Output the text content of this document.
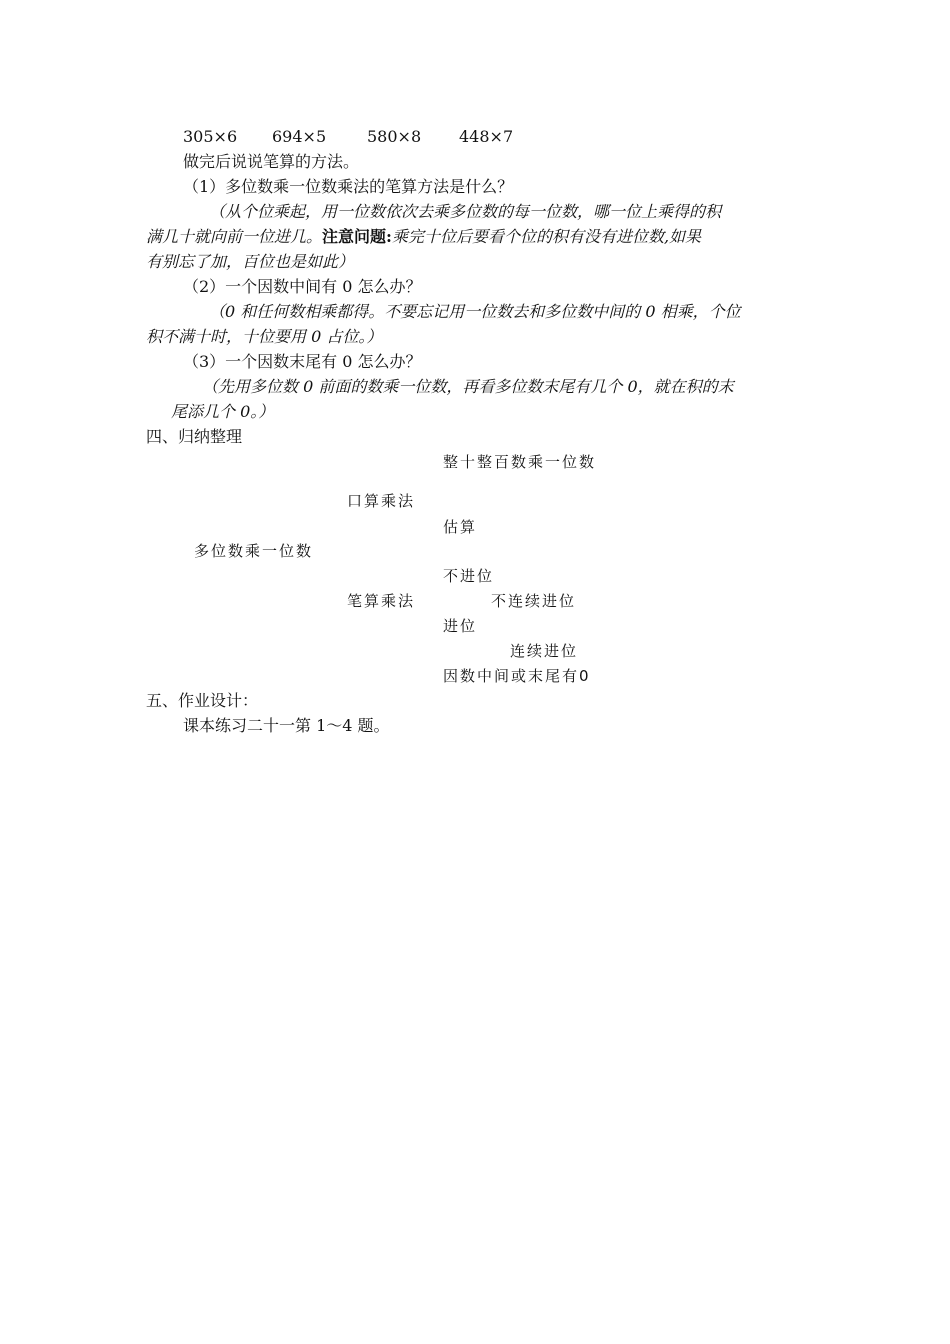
305×6 694×5	580×8 448×7
做完后说说笔算的方法。
（1）多位数乘一位数乘法的笔算方法是什么？
（从个位乘起，用一位数依次去乘多位数的每一位数，哪一位上乘得的积
满几十就向前一位进几。注意问题:乘完十位后要看个位的积有没有进位数,如果
有别忘了加，百位也是如此）
（2）一个因数中间有 0 怎么办？
（0 和任何数相乘都得。不要忘记用一位数去和多位数中间的 0 相乘，个位
积不满十时，十位要用 0 占位。）
（3）一个因数末尾有 0 怎么办？
（先用多位数 0 前面的数乘一位数，再看多位数末尾有几个 0，就在积的末
尾添几个 0。）
四、归纳整理
整十整百数乘一位数
口算乘法
估算
多位数乘一位数
不进位
笔算乘法	不连续进位
进位
连续进位
因数中间或末尾有0
五、作业设计：
课本练习二十一第 1～4 题。
